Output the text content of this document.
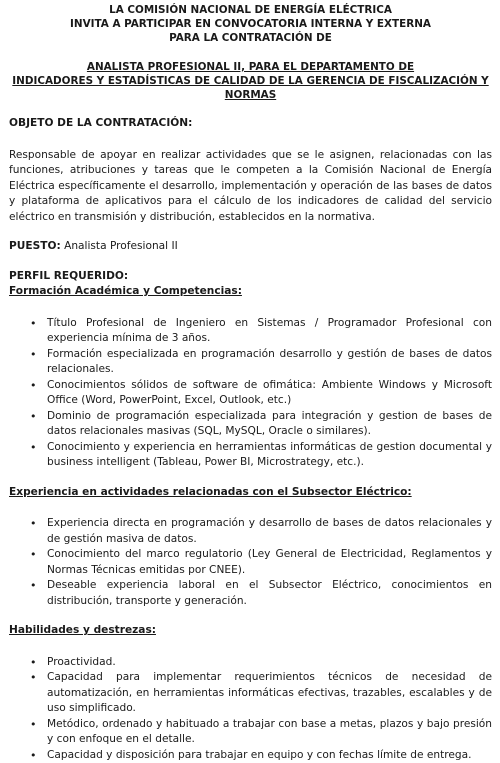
LA COMISIÓN NACIONAL DE ENERGÍA ELÉCTRICA
INVITA A PARTICIPAR EN CONVOCATORIA INTERNA Y EXTERNA
PARA LA CONTRATACIÓN DE
ANALISTA PROFESIONAL II, PARA EL DEPARTAMENTO DE
INDICADORES Y ESTADÍSTICAS DE CALIDAD DE LA GERENCIA DE FISCALIZACIÓN Y NORMAS
OBJETO DE LA CONTRATACIÓN:

Responsable de apoyar en realizar actividades que se le asignen, relacionadas con las funciones, atribuciones y tareas que le competen a la Comisión Nacional de Energía Eléctrica específicamente el desarrollo, implementación y operación de las bases de datos y plataforma de aplicativos para el cálculo de los indicadores de calidad del servicio eléctrico en transmisión y distribución, establecidos en la normativa.

PUESTO: Analista Profesional II
PERFIL REQUERIDO:
Formación Académica y Competencias:
• Título Profesional de Ingeniero en Sistemas / Programador Profesional con experiencia mínima de 3 años.
• Formación especializada en programación desarrollo y gestión de bases de datos relacionales.
• Conocimientos sólidos de software de ofimática: Ambiente Windows y Microsoft Office (Word, PowerPoint, Excel, Outlook, etc.)
• Dominio de programación especializada para integración y gestion de bases de datos relacionales masivas (SQL, MySQL, Oracle o similares).
• Conocimiento y experiencia en herramientas informáticas de gestion documental y business intelligent (Tableau, Power BI, Microstrategy, etc.).
Experiencia en actividades relacionadas con el Subsector Eléctrico:
• Experiencia directa en programación y desarrollo de bases de datos relacionales y de gestión masiva de datos.
• Conocimiento del marco regulatorio (Ley General de Electricidad, Reglamentos y Normas Técnicas emitidas por CNEE).
• Deseable experiencia laboral en el Subsector Eléctrico, conocimientos en distribución, transporte y generación.
Habilidades y destrezas:
• Proactividad.
• Capacidad para implementar requerimientos técnicos de necesidad de automatización, en herramientas informáticas efectivas, trazables, escalables y de uso simplificado.
• Metódico, ordenado y habituado a trabajar con base a metas, plazos y bajo presión y con enfoque en el detalle.
• Capacidad y disposición para trabajar en equipo y con fechas límite de entrega.
